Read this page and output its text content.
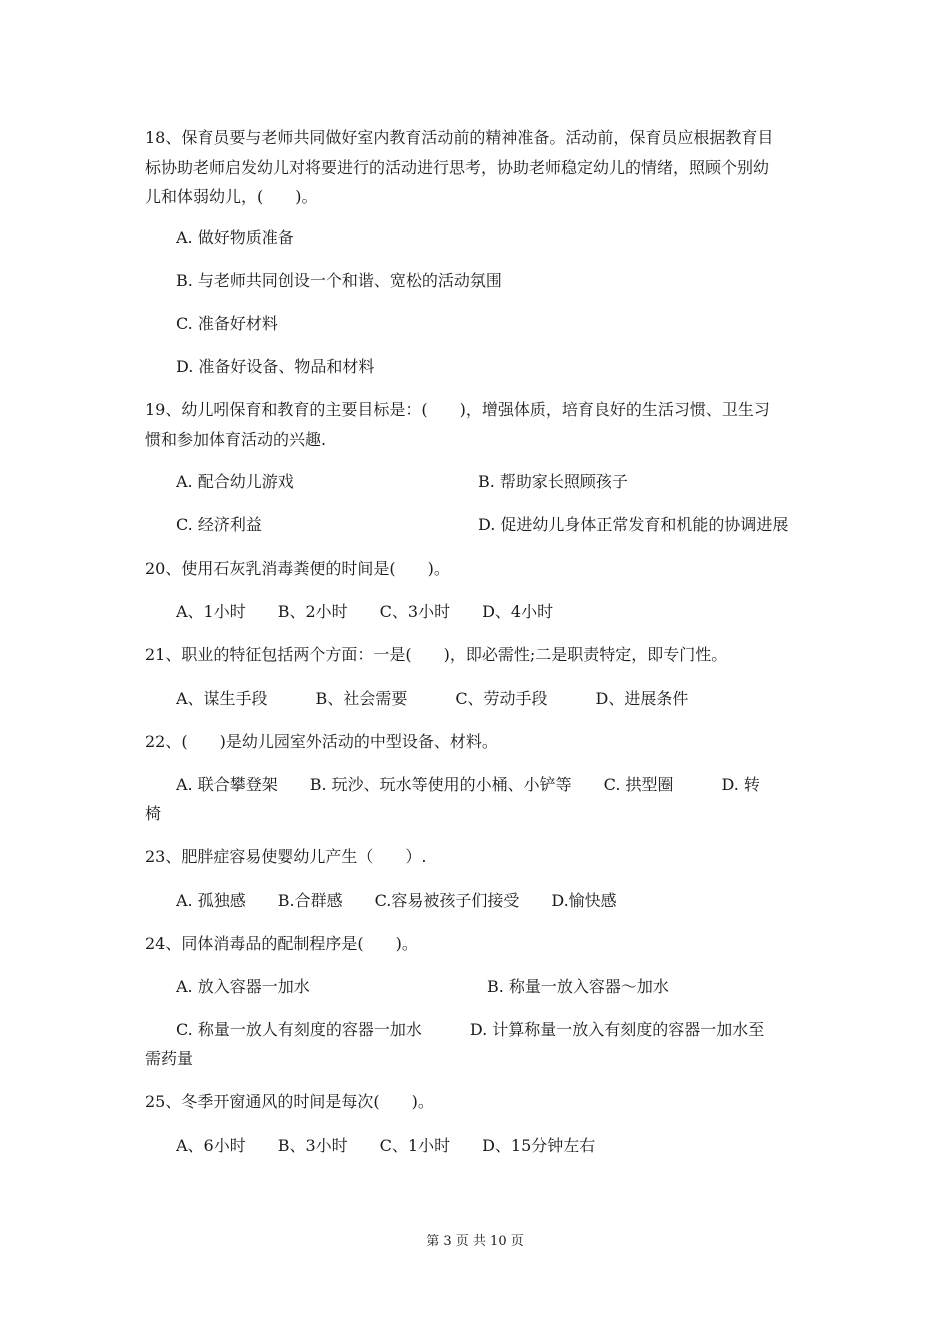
18、保育员要与老师共同做好室内教育活动前的精神准备。活动前，保育员应根据教育目
标协助老师启发幼儿对将要进行的活动进行思考，协助老师稳定幼儿的情绪，照顾个别幼
儿和体弱幼儿，(　　)。
A. 做好物质准备
B. 与老师共同创设一个和谐、宽松的活动氛围
C. 准备好材料
D. 准备好设备、物品和材料
19、幼儿吲保育和教育的主要目标是：(　　)，增强体质，培育良好的生活习惯、卫生习
惯和参加体育活动的兴趣.
A. 配合幼儿游戏	B. 帮助家长照顾孩子
C. 经济利益	D. 促进幼儿身体正常发育和机能的协调进展
20、使用石灰乳消毒粪便的时间是(　　)。
A、1小时　　B、2小时　　C、3小时　　D、4小时
21、职业的特征包括两个方面：一是(　　)，即必需性;二是职责特定，即专门性。
A、谋生手段　　　B、社会需要　　　C、劳动手段　　　D、进展条件
22、(　　)是幼儿园室外活动的中型设备、材料。
A. 联合攀登架　　B. 玩沙、玩水等使用的小桶、小铲等　　C. 拱型圈　　　D. 转
椅
23、肥胖症容易使婴幼儿产生（　　）.
A. 孤独感　　B.合群感　　C.容易被孩子们接受　　D.愉快感
24、同体消毒品的配制程序是(　　)。
A. 放入容器一加水	B. 称量一放入容器～加水
C. 称量一放人有刻度的容器一加水　　　D. 计算称量一放入有刻度的容器一加水至
需药量
25、冬季开窗通风的时间是每次(　　)。
A、6小时　　B、3小时　　C、1小时　　D、15分钟左右
第 3 页 共 10 页
